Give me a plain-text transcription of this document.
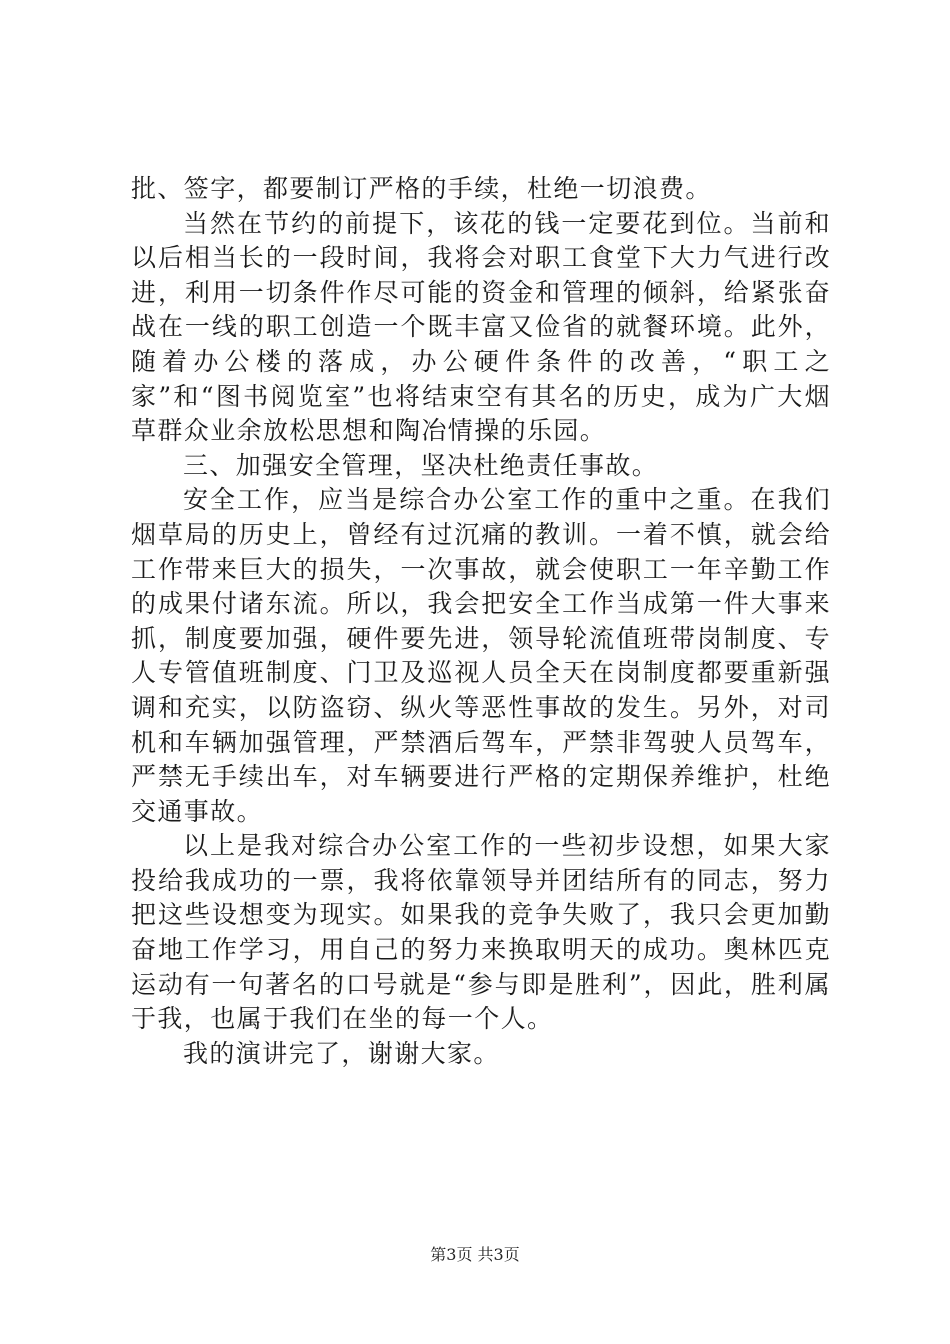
批、签字，都要制订严格的手续，杜绝一切浪费。

当然在节约的前提下，该花的钱一定要花到位。当前和以后相当长的一段时间，我将会对职工食堂下大力气进行改进，利用一切条件作尽可能的资金和管理的倾斜，给紧张奋战在一线的职工创造一个既丰富又俭省的就餐环境。此外，随着办公楼的落成，办公硬件条件的改善，“职工之家”和“图书阅览室”也将结束空有其名的历史，成为广大烟草群众业余放松思想和陶冶情操的乐园。

三、加强安全管理，坚决杜绝责任事故。

安全工作，应当是综合办公室工作的重中之重。在我们烟草局的历史上，曾经有过沉痛的教训。一着不慎，就会给工作带来巨大的损失，一次事故，就会使职工一年辛勤工作的成果付诸东流。所以，我会把安全工作当成第一件大事来抓，制度要加强，硬件要先进，领导轮流值班带岗制度、专人专管值班制度、门卫及巡视人员全天在岗制度都要重新强调和充实，以防盗窃、纵火等恶性事故的发生。另外，对司机和车辆加强管理，严禁酒后驾车，严禁非驾驶人员驾车，严禁无手续出车，对车辆要进行严格的定期保养维护，杜绝交通事故。

以上是我对综合办公室工作的一些初步设想，如果大家投给我成功的一票，我将依靠领导并团结所有的同志，努力把这些设想变为现实。如果我的竞争失败了，我只会更加勤奋地工作学习，用自己的努力来换取明天的成功。奥林匹克运动有一句著名的口号就是“参与即是胜利”，因此，胜利属于我，也属于我们在坐的每一个人。

我的演讲完了，谢谢大家。

第3页 共3页
